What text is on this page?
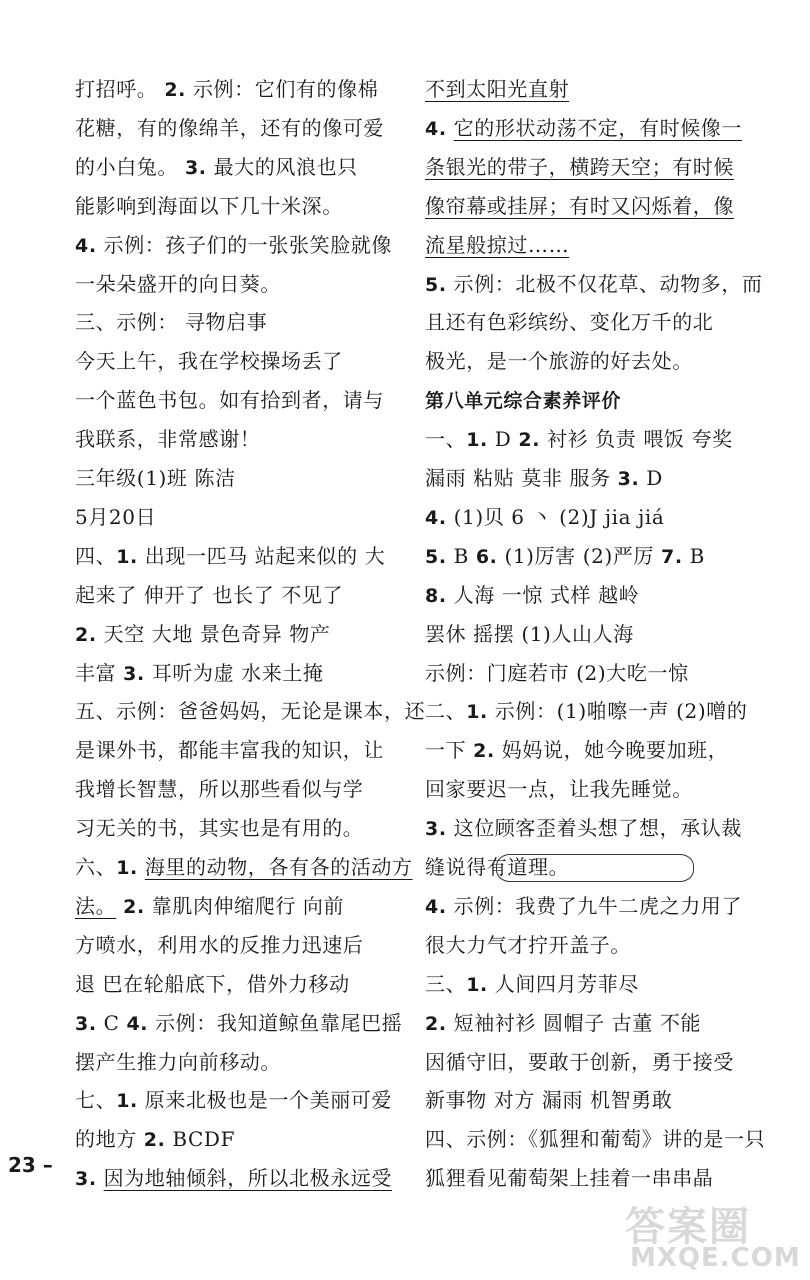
打招呼。 2. 示例：它们有的像棉
花糖，有的像绵羊，还有的像可爱
的小白兔。 3. 最大的风浪也只
能影响到海面以下几十米深。
4. 示例：孩子们的一张张笑脸就像
一朵朵盛开的向日葵。
三、示例： 寻物启事
今天上午，我在学校操场丢了
一个蓝色书包。如有拾到者，请与
我联系，非常感谢！
三年级(1)班 陈洁
5月20日
四、1. 出现一匹马 站起来似的 大
起来了 伸开了 也长了 不见了
2. 天空 大地 景色奇异 物产
丰富 3. 耳听为虚 水来土掩
五、示例：爸爸妈妈，无论是课本，还
是课外书，都能丰富我的知识，让
我增长智慧，所以那些看似与学
习无关的书，其实也是有用的。
六、1. 海里的动物，各有各的活动方
法。 2. 靠肌肉伸缩爬行 向前
方喷水，利用水的反推力迅速后
退 巴在轮船底下，借外力移动
3. C 4. 示例：我知道鲸鱼靠尾巴摇
摆产生推力向前移动。
七、1. 原来北极也是一个美丽可爱
的地方 2. BCDF
3. 因为地轴倾斜，所以北极永远受
不到太阳光直射
4. 它的形状动荡不定，有时候像一
条银光的带子，横跨天空；有时候
像帘幕或挂屏；有时又闪烁着，像
流星般掠过……
5. 示例：北极不仅花草、动物多，而
且还有色彩缤纷、变化万千的北
极光，是一个旅游的好去处。
第八单元综合素养评价
一、1. D 2. 衬衫 负责 喂饭 夸奖
漏雨 粘贴 莫非 服务 3. D
4. (1)贝 6 丶 (2)J jia jiá
5. B 6. (1)厉害 (2)严厉 7. B
8. 人海 一惊 式样 越岭
罢休 摇摆 (1)人山人海
示例：门庭若市 (2)大吃一惊
二、1. 示例：(1)啪嚓一声 (2)噌的
一下 2. 妈妈说，她今晚要加班，
回家要迟一点，让我先睡觉。
3. 这位顾客歪着头想了想，承认裁
缝说得有道理。
4. 示例：我费了九牛二虎之力用了
很大力气才拧开盖子。
三、1. 人间四月芳菲尽
2. 短袖衬衫 圆帽子 古董 不能
因循守旧，要敢于创新，勇于接受
新事物 对方 漏雨 机智勇敢
四、示例：《狐狸和葡萄》讲的是一只
狐狸看见葡萄架上挂着一串串晶
23 –
答案圈
MXQE.COM
